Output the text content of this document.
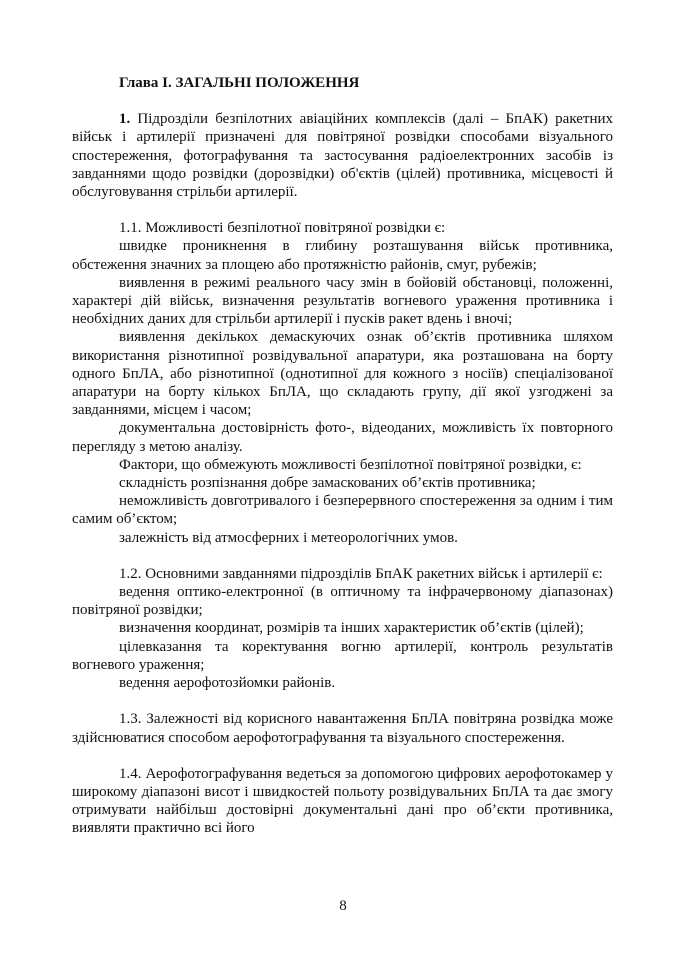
Глава І. ЗАГАЛЬНІ ПОЛОЖЕННЯ

1. Підрозділи безпілотних авіаційних комплексів (далі – БпАК) ракетних військ і артилерії призначені для повітряної розвідки способами візуального спостереження, фотографування та застосування радіоелектронних засобів із завданнями щодо розвідки (дорозвідки) об'єктів (цілей) противника, місцевості й обслуговування стрільби артилерії.

1.1. Можливості безпілотної повітряної розвідки є:

швидке проникнення в глибину розташування військ противника, обстеження значних за площею або протяжністю районів, смуг, рубежів;

виявлення в режимі реального часу змін в бойовій обстановці, положенні, характері дій військ, визначення результатів вогневого ураження противника і необхідних даних для стрільби артилерії і пусків ракет вдень і вночі;

виявлення декількох демаскуючих ознак об’єктів противника шляхом використання різнотипної розвідувальної апаратури, яка розташована на борту одного БпЛА, або різнотипної (однотипної для кожного з носіїв) спеціалізованої апаратури на борту кількох БпЛА, що складають групу, дії якої узгоджені за завданнями, місцем і часом;

документальна достовірність фото-, відеоданих, можливість їх повторного перегляду з метою аналізу.

Фактори, що обмежують можливості безпілотної повітряної розвідки, є:

складність розпізнання добре замаскованих об’єктів противника;

неможливість довготривалого і безперервного спостереження за одним і тим самим об’єктом;

залежність від атмосферних і метеорологічних умов.

1.2. Основними завданнями підрозділів БпАК ракетних військ і артилерії є:

ведення оптико-електронної (в оптичному та інфрачервоному діапазонах) повітряної розвідки;

визначення координат, розмірів та інших характеристик об’єктів (цілей);

цілевказання та коректування вогню артилерії, контроль результатів вогневого ураження;

ведення аерофотозйомки районів.

1.3. Залежності від корисного навантаження БпЛА повітряна розвідка може здійснюватися способом аерофотографування та візуального спостереження.

1.4. Аерофотографування ведеться за допомогою цифрових аерофотокамер у широкому діапазоні висот і швидкостей польоту розвідувальних БпЛА та дає змогу отримувати найбільш достовірні документальні дані про об’єкти противника, виявляти практично всі його

8
